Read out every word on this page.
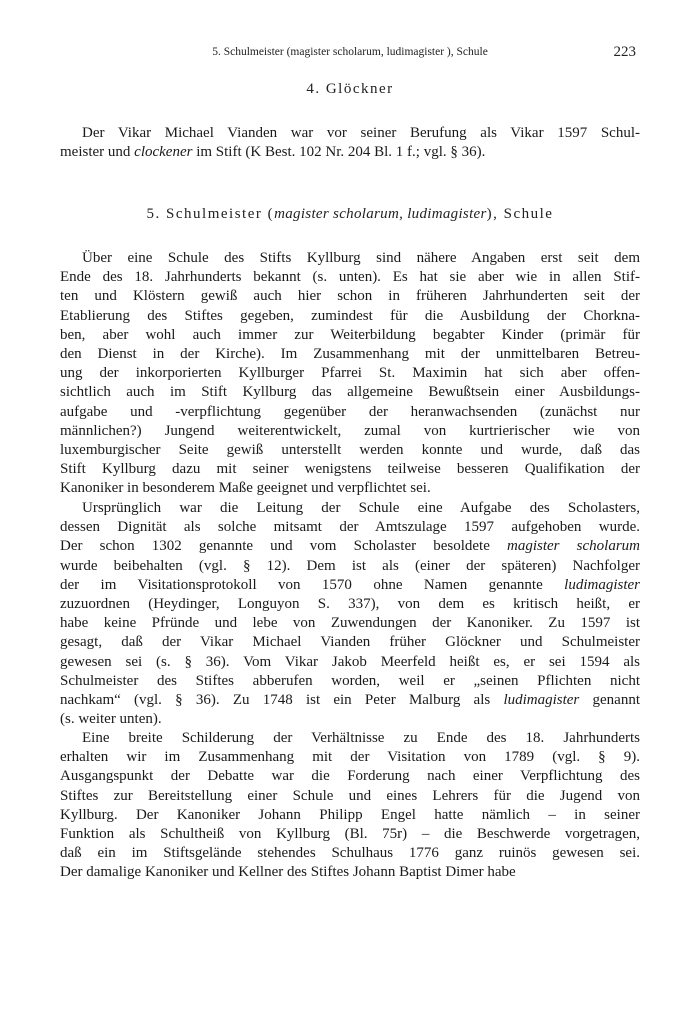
5. Schulmeister (magister scholarum, ludimagister ), Schule	223
4. Glöckner
Der Vikar Michael Vianden war vor seiner Berufung als Vikar 1597 Schul-
meister und clockener im Stift (K Best. 102 Nr. 204 Bl. 1 f.; vgl. § 36).
5. Schulmeister (magister scholarum, ludimagister), Schule
Über eine Schule des Stifts Kyllburg sind nähere Angaben erst seit dem
Ende des 18. Jahrhunderts bekannt (s. unten). Es hat sie aber wie in allen Stif-
ten und Klöstern gewiß auch hier schon in früheren Jahrhunderten seit der
Etablierung des Stiftes gegeben, zumindest für die Ausbildung der Chorkna-
ben, aber wohl auch immer zur Weiterbildung begabter Kinder (primär für
den Dienst in der Kirche). Im Zusammenhang mit der unmittelbaren Betreu-
ung der inkorporierten Kyllburger Pfarrei St. Maximin hat sich aber offen-
sichtlich auch im Stift Kyllburg das allgemeine Bewußtsein einer Ausbildungs-
aufgabe und -verpflichtung gegenüber der heranwachsenden (zunächst nur
männlichen?) Jungend weiterentwickelt, zumal von kurtrierischer wie von
luxemburgischer Seite gewiß unterstellt werden konnte und wurde, daß das
Stift Kyllburg dazu mit seiner wenigstens teilweise besseren Qualifikation der
Kanoniker in besonderem Maße geeignet und verpflichtet sei.
Ursprünglich war die Leitung der Schule eine Aufgabe des Scholasters,
dessen Dignität als solche mitsamt der Amtszulage 1597 aufgehoben wurde.
Der schon 1302 genannte und vom Scholaster besoldete magister scholarum
wurde beibehalten (vgl. § 12). Dem ist als (einer der späteren) Nachfolger
der im Visitationsprotokoll von 1570 ohne Namen genannte ludimagister
zuzuordnen (Heydinger, Longuyon S. 337), von dem es kritisch heißt, er
habe keine Pfründe und lebe von Zuwendungen der Kanoniker. Zu 1597 ist
gesagt, daß der Vikar Michael Vianden früher Glöckner und Schulmeister
gewesen sei (s. § 36). Vom Vikar Jakob Meerfeld heißt es, er sei 1594 als
Schulmeister des Stiftes abberufen worden, weil er „seinen Pflichten nicht
nachkam“ (vgl. § 36). Zu 1748 ist ein Peter Malburg als ludimagister genannt
(s. weiter unten).
Eine breite Schilderung der Verhältnisse zu Ende des 18. Jahrhunderts
erhalten wir im Zusammenhang mit der Visitation von 1789 (vgl. § 9).
Ausgangspunkt der Debatte war die Forderung nach einer Verpflichtung des
Stiftes zur Bereitstellung einer Schule und eines Lehrers für die Jugend von
Kyllburg. Der Kanoniker Johann Philipp Engel hatte nämlich – in seiner
Funktion als Schultheiß von Kyllburg (Bl. 75r) – die Beschwerde vorgetragen,
daß ein im Stiftsgelände stehendes Schulhaus 1776 ganz ruinös gewesen sei.
Der damalige Kanoniker und Kellner des Stiftes Johann Baptist Dimer habe
